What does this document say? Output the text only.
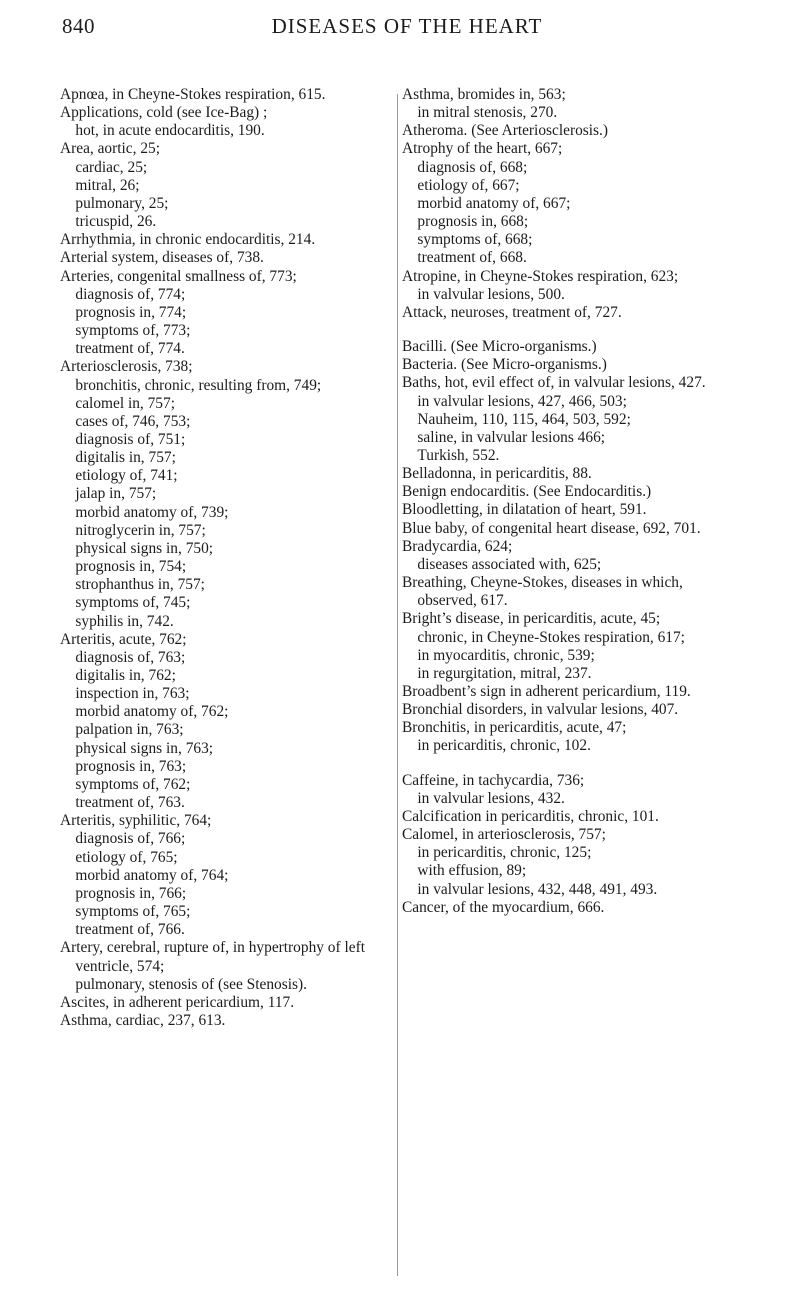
840	DISEASES OF THE HEART

Apnœa, in Cheyne-Stokes respiration, 615.

Applications, cold (see Ice-Bag) ;

hot, in acute endocarditis, 190.

Area, aortic, 25;

cardiac, 25;

mitral, 26;

pulmonary, 25;

tricuspid, 26.

Arrhythmia, in chronic endocarditis, 214.

Arterial system, diseases of, 738.

Arteries, congenital smallness of, 773;

diagnosis of, 774;

prognosis in, 774;

symptoms of, 773;

treatment of, 774.

Arteriosclerosis, 738;

bronchitis, chronic, resulting from, 749;

calomel in, 757;

cases of, 746, 753;

diagnosis of, 751;

digitalis in, 757;

etiology of, 741;

jalap in, 757;

morbid anatomy of, 739;

nitroglycerin in, 757;

physical signs in, 750;

prognosis in, 754;

strophanthus in, 757;

symptoms of, 745;

syphilis in, 742.

Arteritis, acute, 762;

diagnosis of, 763;

digitalis in, 762;

inspection in, 763;

morbid anatomy of, 762;

palpation in, 763;

physical signs in, 763;

prognosis in, 763;

symptoms of, 762;

treatment of, 763.

Arteritis, syphilitic, 764;

diagnosis of, 766;

etiology of, 765;

morbid anatomy of, 764;

prognosis in, 766;

symptoms of, 765;

treatment of, 766.

Artery, cerebral, rupture of, in hypertrophy of left ventricle, 574;

pulmonary, stenosis of (see Stenosis).

Ascites, in adherent pericardium, 117.

Asthma, cardiac, 237, 613.

Asthma, bromides in, 563;

in mitral stenosis, 270.

Atheroma. (See Arteriosclerosis.)

Atrophy of the heart, 667;

diagnosis of, 668;

etiology of, 667;

morbid anatomy of, 667;

prognosis in, 668;

symptoms of, 668;

treatment of, 668.

Atropine, in Cheyne-Stokes respiration, 623;

in valvular lesions, 500.

Attack, neuroses, treatment of, 727.

Bacilli. (See Micro-organisms.)

Bacteria. (See Micro-organisms.)

Baths, hot, evil effect of, in valvular lesions, 427.

in valvular lesions, 427, 466, 503;

Nauheim, 110, 115, 464, 503, 592;

saline, in valvular lesions 466;

Turkish, 552.

Belladonna, in pericarditis, 88.

Benign endocarditis. (See Endocarditis.)

Bloodletting, in dilatation of heart, 591.

Blue baby, of congenital heart disease, 692, 701.

Bradycardia, 624;

diseases associated with, 625;

Breathing, Cheyne-Stokes, diseases in which, observed, 617.

Bright’s disease, in pericarditis, acute, 45;

chronic, in Cheyne-Stokes respiration, 617;

in myocarditis, chronic, 539;

in regurgitation, mitral, 237.

Broadbent’s sign in adherent pericardium, 119.

Bronchial disorders, in valvular lesions, 407.

Bronchitis, in pericarditis, acute, 47;

in pericarditis, chronic, 102.

Caffeine, in tachycardia, 736;

in valvular lesions, 432.

Calcification in pericarditis, chronic, 101.

Calomel, in arteriosclerosis, 757;

in pericarditis, chronic, 125;

with effusion, 89;

in valvular lesions, 432, 448, 491, 493.

Cancer, of the myocardium, 666.
